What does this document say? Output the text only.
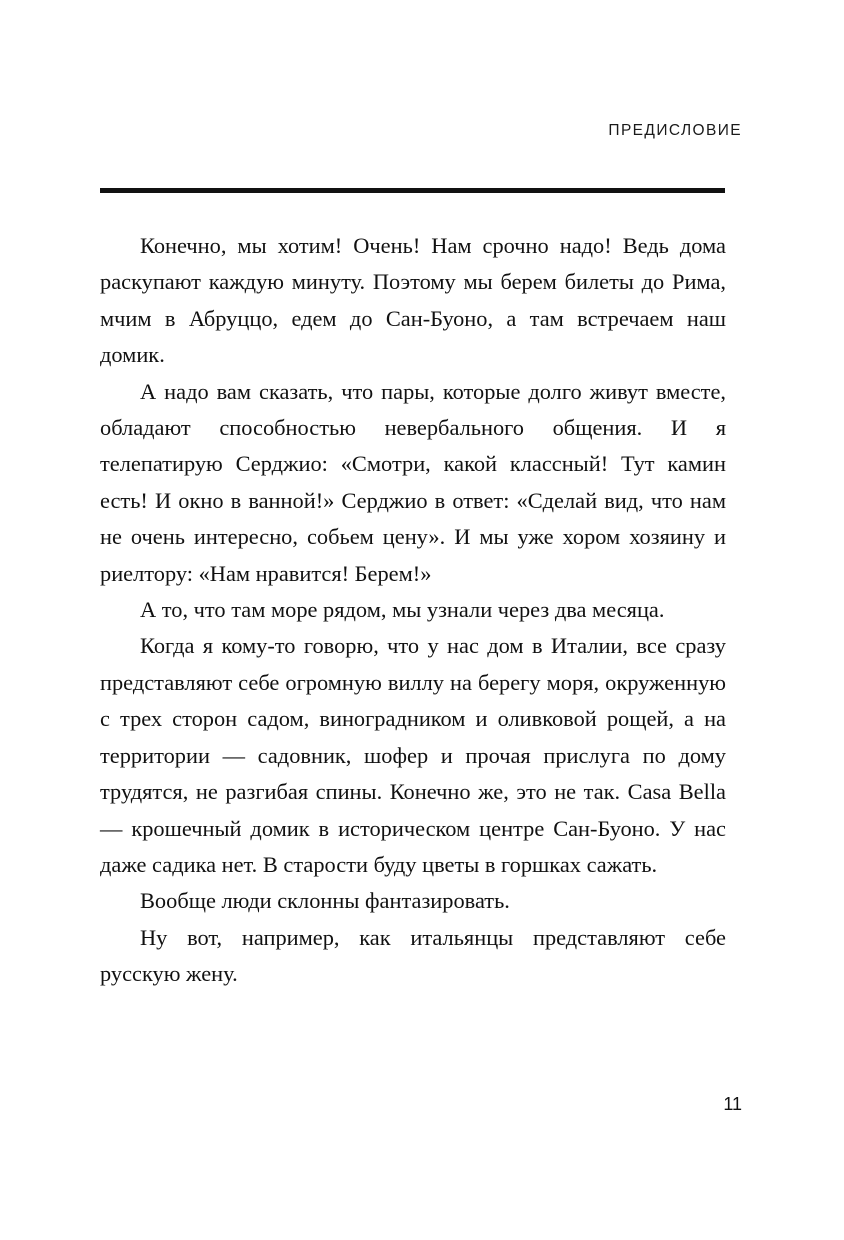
ПРЕДИСЛОВИЕ

Конечно, мы хотим! Очень! Нам срочно надо! Ведь дома раскупают каждую минуту. Поэтому мы берем билеты до Рима, мчим в Абруццо, едем до Сан-Буоно, а там встречаем наш домик.

А надо вам сказать, что пары, которые долго живут вместе, обладают способностью невербального общения. И я телепатирую Серджио: «Смотри, какой классный! Тут камин есть! И окно в ванной!» Серджио в ответ: «Сделай вид, что нам не очень интересно, собьем цену». И мы уже хором хозяину и риелтору: «Нам нравится! Берем!»

А то, что там море рядом, мы узнали через два месяца.

Когда я кому-то говорю, что у нас дом в Италии, все сразу представляют себе огромную виллу на берегу моря, окруженную с трех сторон садом, виноградником и оливковой рощей, а на территории — садовник, шофер и прочая прислуга по дому трудятся, не разгибая спины. Конечно же, это не так. Casa Bella — крошечный домик в историческом центре Сан-Буоно. У нас даже садика нет. В старости буду цветы в горшках сажать.

Вообще люди склонны фантазировать.

Ну вот, например, как итальянцы представляют себе русскую жену.

11
